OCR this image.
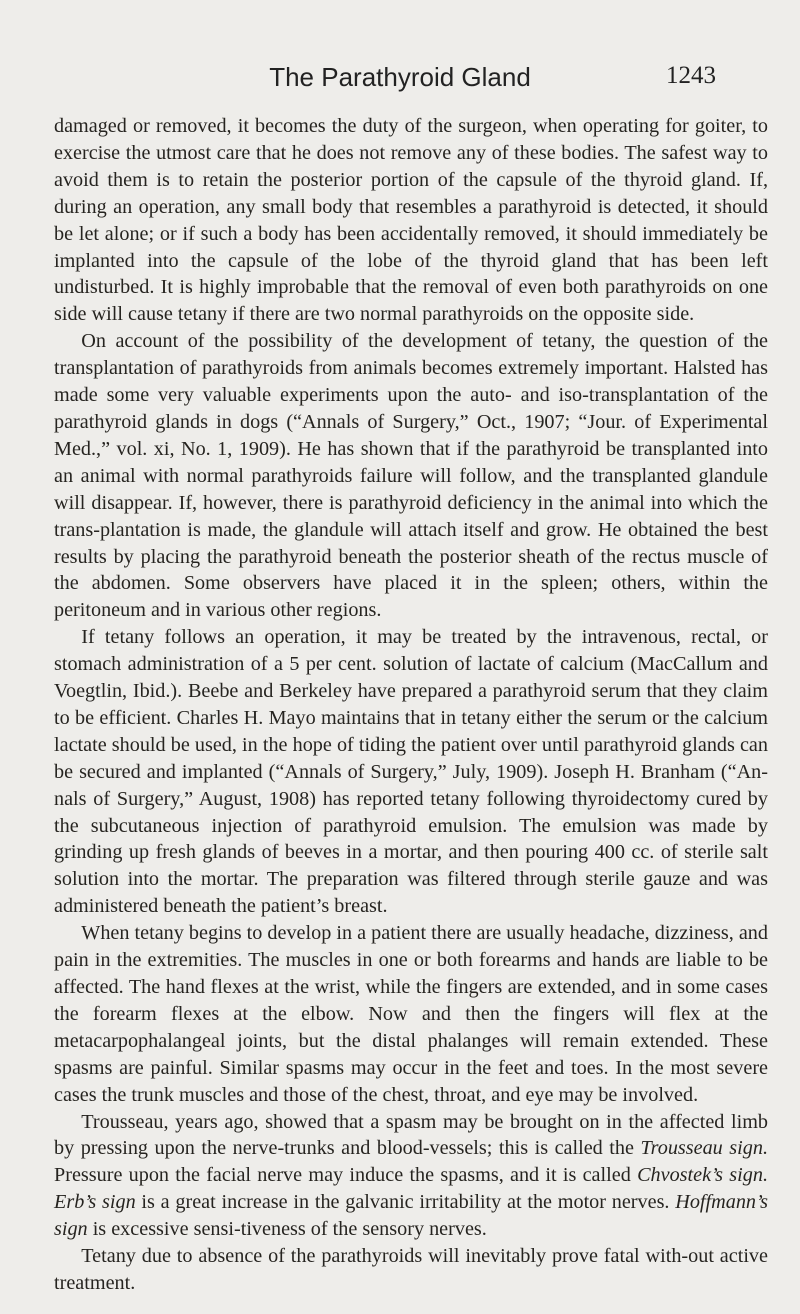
The Parathyroid Gland	1243

damaged or removed, it becomes the duty of the surgeon, when operating for goiter, to exercise the utmost care that he does not remove any of these bodies. The safest way to avoid them is to retain the posterior portion of the capsule of the thyroid gland. If, during an operation, any small body that resembles a parathyroid is detected, it should be let alone; or if such a body has been accidentally removed, it should immediately be implanted into the capsule of the lobe of the thyroid gland that has been left undisturbed. It is highly improbable that the removal of even both parathyroids on one side will cause tetany if there are two normal parathyroids on the opposite side.

On account of the possibility of the development of tetany, the question of the transplantation of parathyroids from animals becomes extremely important. Halsted has made some very valuable experiments upon the auto- and iso-transplantation of the parathyroid glands in dogs (“Annals of Surgery,” Oct., 1907; “Jour. of Experimental Med.,” vol. xi, No. 1, 1909). He has shown that if the parathyroid be transplanted into an animal with normal parathyroids failure will follow, and the transplanted glandule will disappear. If, however, there is parathyroid deficiency in the animal into which the trans-plantation is made, the glandule will attach itself and grow. He obtained the best results by placing the parathyroid beneath the posterior sheath of the rectus muscle of the abdomen. Some observers have placed it in the spleen; others, within the peritoneum and in various other regions.

If tetany follows an operation, it may be treated by the intravenous, rectal, or stomach administration of a 5 per cent. solution of lactate of calcium (MacCallum and Voegtlin, Ibid.). Beebe and Berkeley have prepared a parathyroid serum that they claim to be efficient. Charles H. Mayo maintains that in tetany either the serum or the calcium lactate should be used, in the hope of tiding the patient over until parathyroid glands can be secured and implanted (“Annals of Surgery,” July, 1909). Joseph H. Branham (“An-nals of Surgery,” August, 1908) has reported tetany following thyroidectomy cured by the subcutaneous injection of parathyroid emulsion. The emulsion was made by grinding up fresh glands of beeves in a mortar, and then pouring 400 cc. of sterile salt solution into the mortar. The preparation was filtered through sterile gauze and was administered beneath the patient’s breast.

When tetany begins to develop in a patient there are usually headache, dizziness, and pain in the extremities. The muscles in one or both forearms and hands are liable to be affected. The hand flexes at the wrist, while the fingers are extended, and in some cases the forearm flexes at the elbow. Now and then the fingers will flex at the metacarpophalangeal joints, but the distal phalanges will remain extended. These spasms are painful. Similar spasms may occur in the feet and toes. In the most severe cases the trunk muscles and those of the chest, throat, and eye may be involved.

Trousseau, years ago, showed that a spasm may be brought on in the affected limb by pressing upon the nerve-trunks and blood-vessels; this is called the Trousseau sign. Pressure upon the facial nerve may induce the spasms, and it is called Chvostek’s sign. Erb’s sign is a great increase in the galvanic irritability at the motor nerves. Hoffmann’s sign is excessive sensi-tiveness of the sensory nerves.

Tetany due to absence of the parathyroids will inevitably prove fatal with-out active treatment.
